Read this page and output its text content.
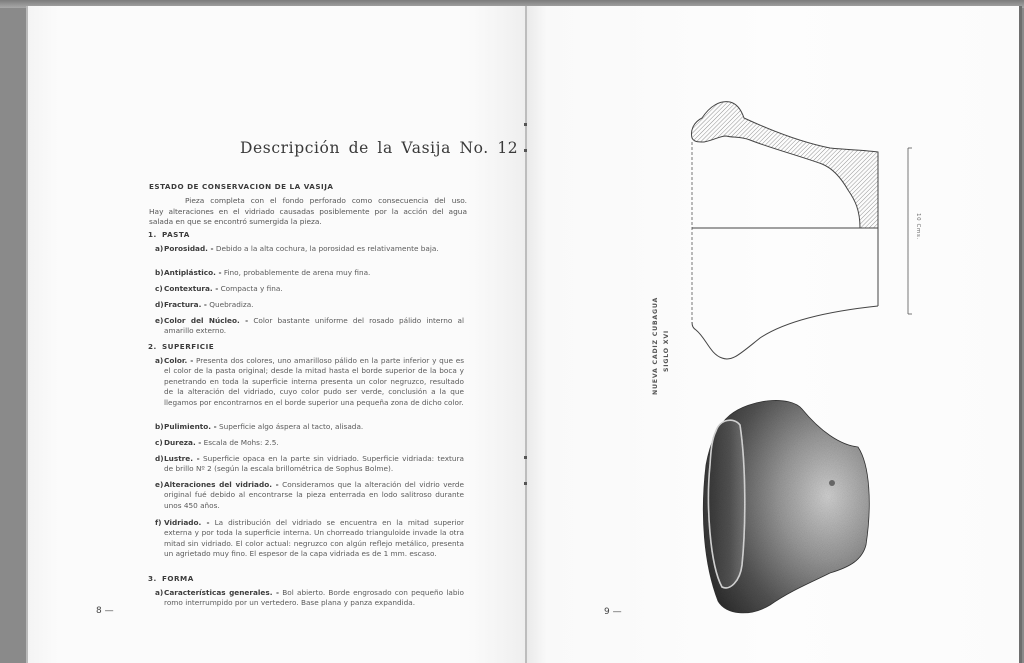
Descripción de la Vasija No. 12
ESTADO DE CONSERVACION DE LA VASIJA
Pieza completa con el fondo perforado como consecuencia del uso.
Hay alteraciones en el vidriado causadas posiblemente por la acción del agua
salada en que se encontró sumergida la pieza.
1. PASTA
a) Porosidad. - Debido a la alta cochura, la porosidad es relativamente baja.
b) Antiplástico. - Fino, probablemente de arena muy fina.
c) Contextura. - Compacta y fina.
d) Fractura. - Quebradiza.
e) Color del Núcleo. - Color bastante uniforme del rosado pálido interno al amarillo externo.
2. SUPERFICIE
a) Color. - Presenta dos colores, uno amarilloso pálido en la parte inferior y que es el color de la pasta original; desde la mitad hasta el borde superior de la boca y penetrando en toda la superficie interna presenta un color negruzco, resultado de la alteración del vidriado, cuyo color pudo ser verde, conclusión a la que llegamos por encontrarnos en el borde superior una pequeña zona de dicho color.
b) Pulimiento. - Superficie algo áspera al tacto, alisada.
c) Dureza. - Escala de Mohs: 2.5.
d) Lustre. - Superficie opaca en la parte sin vidriado. Superficie vidriada: textura de brillo Nº 2 (según la escala brillométrica de Sophus Bolme).
e) Alteraciones del vidriado. - Consideramos que la alteración del vidrio verde original fué debido al encontrarse la pieza enterrada en lodo salitroso durante unos 450 años.
f) Vidriado. - La distribución del vidriado se encuentra en la mitad superior externa y por toda la superficie interna. Un chorreado trianguloide invade la otra mitad sin vidriado. El color actual: negruzco con algún reflejo metálico, presenta un agrietado muy fino. El espesor de la capa vidriada es de 1 mm. escaso.
3. FORMA
a) Características generales. - Bol abierto. Borde engrosado con pequeño labio romo interrumpido por un vertedero. Base plana y panza expandida.
8 —
10 Cms.
NUEVA CADIZ CUBAGUA SIGLO XVI
9 —
